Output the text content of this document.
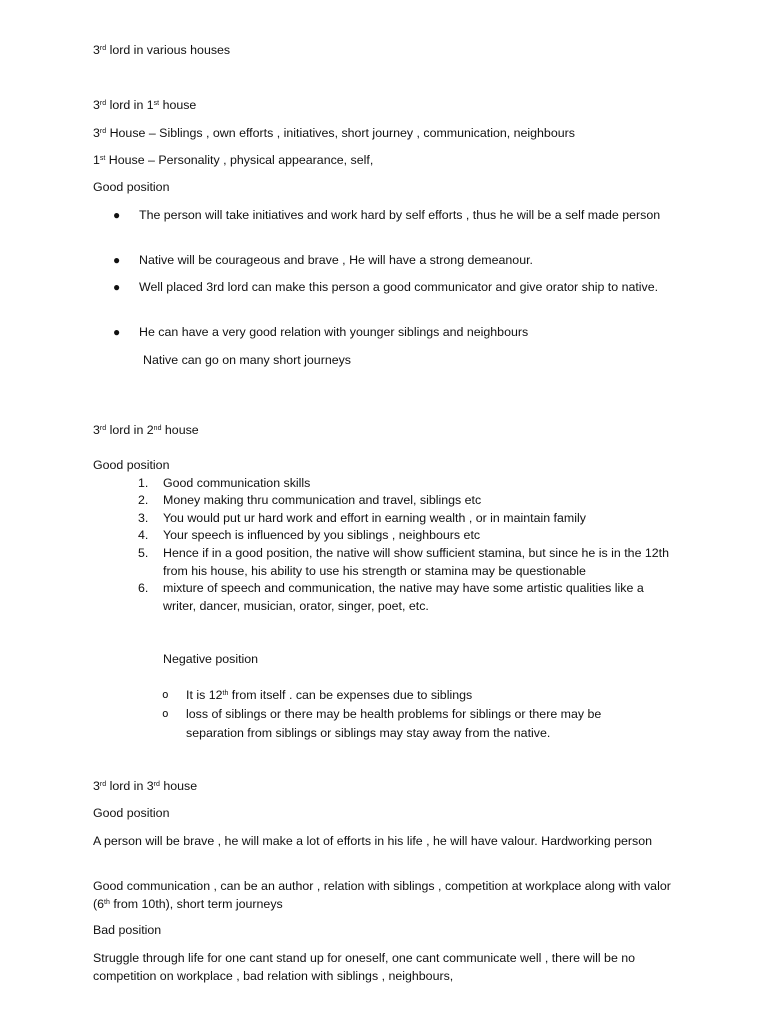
3rd lord in various houses
3rd lord in 1st house
3rd House – Siblings , own efforts , initiatives, short journey , communication, neighbours
1st House – Personality , physical appearance, self,
Good position
● The person will take initiatives and work hard by self efforts , thus he will be a self made person
● Native will be courageous and brave , He will have a strong demeanour.
● Well placed 3rd lord can make this person a good communicator and give orator ship to native.
● He can have a very good relation with younger siblings and neighbours
Native can go on many short journeys
3rd lord in 2nd house
Good position
1. Good communication skills
2. Money making thru communication and travel, siblings etc
3. You would put ur hard work and effort in earning wealth , or in maintain family
4. Your speech is influenced by you siblings , neighbours etc
5. Hence if in a good position, the native will show sufficient stamina, but since he is in the 12th from his house, his ability to use his strength or stamina may be questionable
6. mixture of speech and communication, the native may have some artistic qualities like a writer, dancer, musician, orator, singer, poet, etc.
Negative position
o It is 12th from itself . can be expenses due to siblings
o loss of siblings or there may be health problems for siblings or there may be separation from siblings or siblings may stay away from the native.
3rd lord in 3rd house
Good position
A person will be brave , he will make a lot of efforts in his life , he will have valour. Hardworking person
Good communication , can be an author , relation with siblings , competition at workplace along with valor (6th from 10th), short term journeys
Bad position
Struggle through life for one cant stand up for oneself, one cant communicate well , there will be no competition on workplace , bad relation with siblings , neighbours,
